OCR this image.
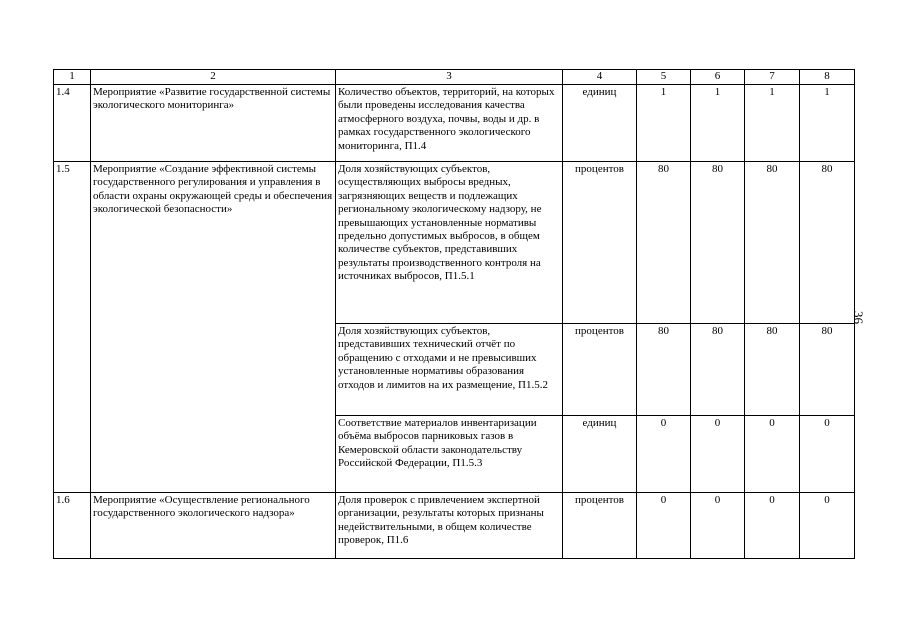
1	2	3	4	5	6	7	8
1.4	Мероприятие «Развитие государственной системы экологического мониторинга»	Количество объектов, территорий, на которых были проведены исследования качества атмосферного воздуха, почвы, воды и др. в рамках государственного экологического мониторинга, П1.4	единиц	1	1	1	1
1.5	Мероприятие «Создание эффективной системы государственного регулирования и управления в области охраны окружающей среды и обеспечения экологической безопасности»	Доля хозяйствующих субъектов, осуществляющих выбросы вредных, загрязняющих веществ и подлежащих региональному экологическому надзору, не превышающих установленные нормативы предельно допустимых выбросов, в общем количестве субъектов, представивших результаты производственного контроля на источниках выбросов, П1.5.1	процентов	80	80	80	80
		Доля хозяйствующих субъектов, представивших технический отчёт по обращению с отходами и не превысивших установленные нормативы образования отходов и лимитов на их размещение, П1.5.2	процентов	80	80	80	80
		Соответствие материалов инвентаризации объёма выбросов парниковых газов в Кемеровской области законодательству Российской Федерации, П1.5.3	единиц	0	0	0	0
1.6	Мероприятие «Осуществление регионального государственного экологического надзора»	Доля проверок с привлечением экспертной организации, результаты которых признаны недействительными, в общем количестве проверок, П1.6	процентов	0	0	0	0
36
